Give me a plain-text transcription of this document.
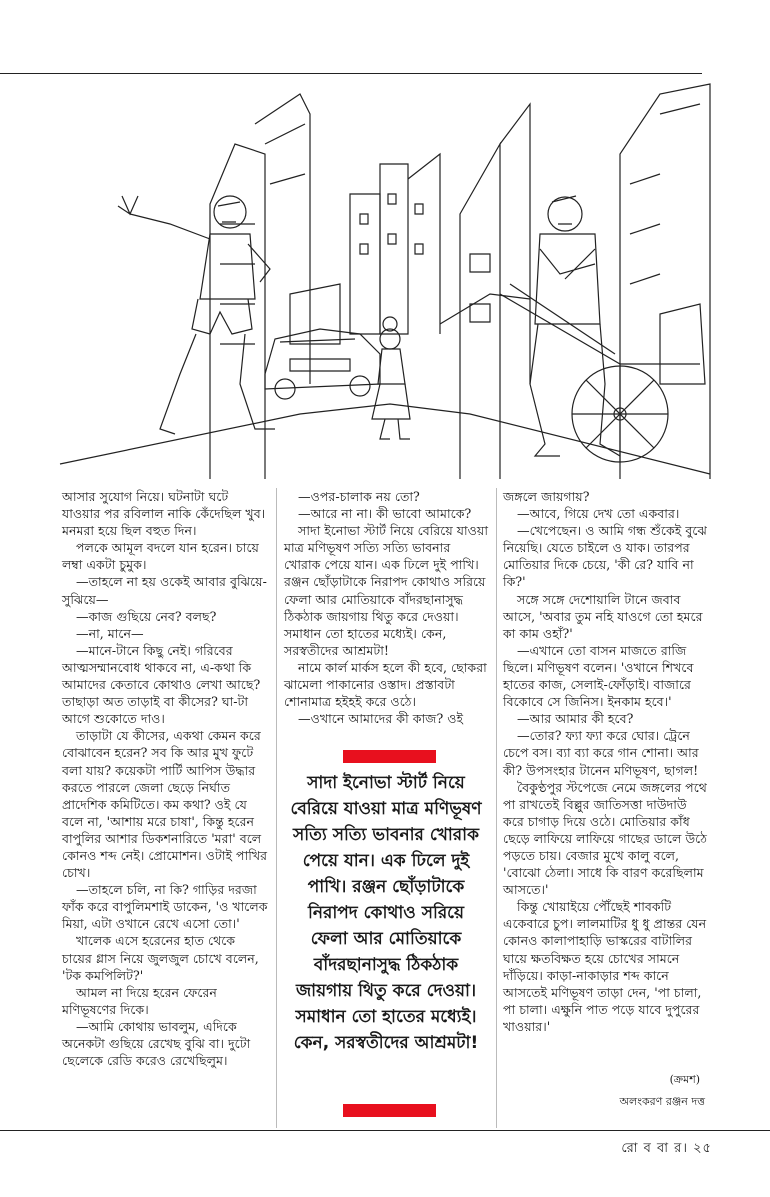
আসার সুযোগ নিয়ে। ঘটনাটা ঘটে যাওয়ার পর রবিলাল নাকি কেঁদেছিল খুব। মনমরা হয়ে ছিল বহুত দিন।

পলকে আমূল বদলে যান হরেন। চায়ে লম্বা একটা চুমুক।

—তাহলে না হয় ওকেই আবার বুঝিয়ে-সুঝিয়ে—

—কাজ গুছিয়ে নেব? বলছ?

—না, মানে—

—মানে-টানে কিছু নেই। গরিবের আত্মসম্মানবোধ থাকবে না, এ-কথা কি আমাদের কেতাবে কোথাও লেখা আছে? তাছাড়া অত তাড়াই বা কীসের? ঘা-টা আগে শুকোতে দাও।

তাড়াটা যে কীসের, একথা কেমন করে বোঝাবেন হরেন? সব কি আর মুখ ফুটে বলা যায়? কয়েকটা পার্টি আপিস উদ্ধার করতে পারলে জেলা ছেড়ে নির্ঘাত প্রাদেশিক কমিটিতে। কম কথা? ওই যে বলে না, 'আশায় মরে চাষা', কিন্তু হরেন বাপুলির আশার ডিকশনারিতে 'মরা' বলে কোনও শব্দ নেই। প্রোমোশন। ওটাই পাখির চোখ।

—তাহলে চলি, না কি? গাড়ির দরজা ফাঁক করে বাপুলিমশাই ডাকেন, 'ও খালেক মিয়া, এটা ওখানে রেখে এসো তো।'

খালেক এসে হরেনের হাত থেকে চায়ের গ্লাস নিয়ে জুলজুল চোখে বলেন, 'টক কমপিলিট?'

আমল না দিয়ে হরেন ফেরেন মণিভূষণের দিকে।

—আমি কোথায় ভাবলুম, এদিকে অনেকটা গুছিয়ে রেখেছ বুঝি বা। দুটো ছেলেকে রেডি করেও রেখেছিলুম।

—ওপর-চালাক নয় তো?

—আরে না না। কী ভাবো আমাকে?

সাদা ইনোভা স্টার্ট নিয়ে বেরিয়ে যাওয়া মাত্র মণিভূষণ সত্যি সত্যি ভাবনার খোরাক পেয়ে যান। এক ঢিলে দুই পাখি। রঞ্জন ছোঁড়াটাকে নিরাপদ কোথাও সরিয়ে ফেলা আর মোতিয়াকে বাঁদরছানাসুদ্ধ ঠিকঠাক জায়গায় থিতু করে দেওয়া। সমাধান তো হাতের মধ্যেই। কেন, সরস্বতীদের আশ্রমটা!

নামে কার্ল মার্কস হলে কী হবে, ছোকরা ঝামেলা পাকানোর ওস্তাদ। প্রস্তাবটা শোনামাত্র হইহই করে ওঠে।

—ওখানে আমাদের কী কাজ? ওই

জঙ্গলে জায়গায়?

—আবে, গিয়ে দেখ তো একবার।

—খেপেছেন। ও আমি গন্ধ শুঁকেই বুঝে নিয়েছি। যেতে চাইলে ও যাক। তারপর মোতিয়ার দিকে চেয়ে, 'কী রে? যাবি না কি?'

সঙ্গে সঙ্গে দেশোয়ালি টানে জবাব আসে, 'অবার তুম নহি যাওগে তো হমরে কা কাম ওহাঁ?'

—এখানে তো বাসন মাজতে রাজি ছিলে। মণিভূষণ বলেন। 'ওখানে শিখবে হাতের কাজ, সেলাই-ফোঁড়াই। বাজারে বিকোবে সে জিনিস। ইনকাম হবে।'

—আর আমার কী হবে?

—তোর? ফ্যা ফ্যা করে ঘোর। ট্রেনে চেপে বস। ব্যা ব্যা করে গান শোনা। আর কী? উপসংহার টানেন মণিভূষণ, ছাগল!

বৈকুণ্ঠপুর স্টপেজে নেমে জঙ্গলের পথে পা রাখতেই বিল্লুর জাতিসত্তা দাউদাউ করে চাগাড় দিয়ে ওঠে। মোতিয়ার কাঁধ ছেড়ে লাফিয়ে লাফিয়ে গাছের ডালে উঠে পড়তে চায়। বেজার মুখে কালু বলে, 'বোঝো ঠেলা। সাধে কি বারণ করেছিলাম আসতে।'

কিন্তু খোয়াইয়ে পৌঁছেই শাবকটি একেবারে চুপ। লালমাটির ধু ধু প্রান্তর যেন কোনও কালাপাহাড়ি ভাস্করের বাটালির ঘায়ে ক্ষতবিক্ষত হয়ে চোখের সামনে দাঁড়িয়ে। কাড়া-নাকাড়ার শব্দ কানে আসতেই মণিভূষণ তাড়া দেন, 'পা চালা, পা চালা। এক্ষুনি পাত পড়ে যাবে দুপুরের খাওয়ার।'

সাদা ইনোভা স্টার্ট নিয়ে বেরিয়ে যাওয়া মাত্র মণিভূষণ সত্যি সত্যি ভাবনার খোরাক পেয়ে যান। এক ঢিলে দুই পাখি। রঞ্জন ছোঁড়াটাকে নিরাপদ কোথাও সরিয়ে ফেলা আর মোতিয়াকে বাঁদরছানাসুদ্ধ ঠিকঠাক জায়গায় থিতু করে দেওয়া। সমাধান তো হাতের মধ্যেই। কেন, সরস্বতীদের আশ্রমটা!
(ক্রমশ)
অলংকরণ রঞ্জন দত্ত
রো ব বা র। ২৫
